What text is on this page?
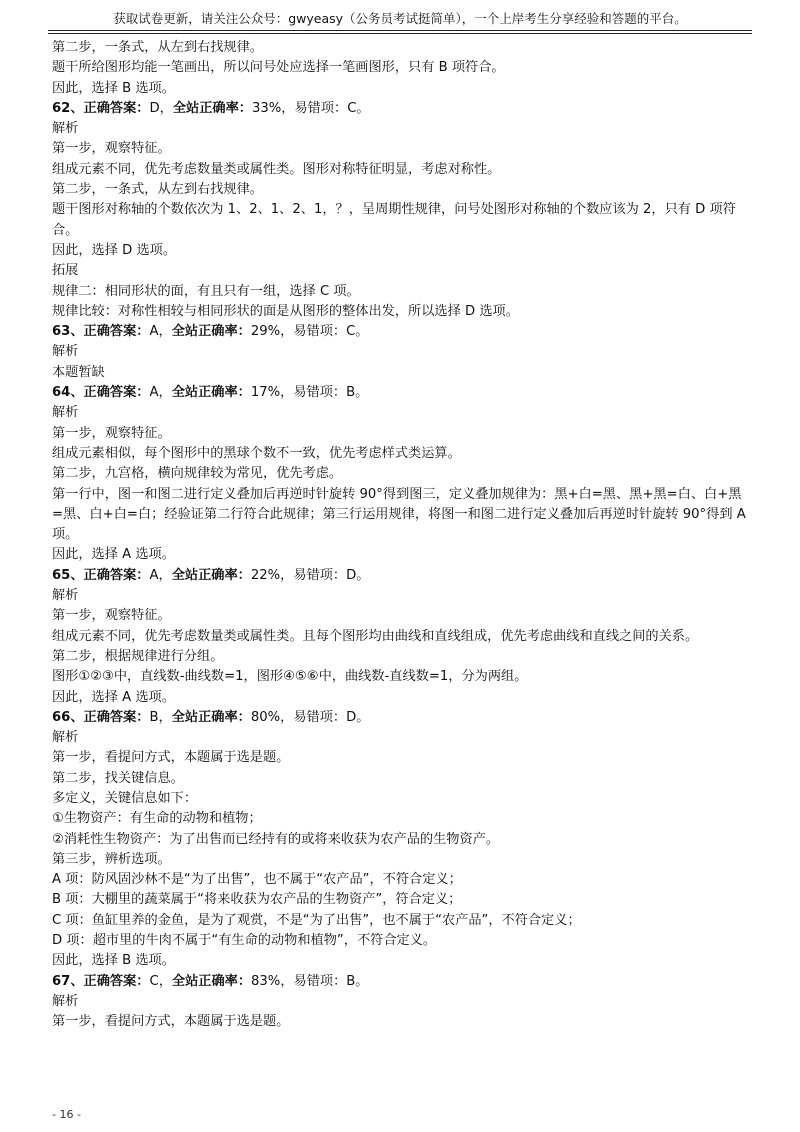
获取试卷更新，请关注公众号：gwyeasy（公务员考试挺简单），一个上岸考生分享经验和答题的平台。
第二步，一条式，从左到右找规律。
题干所给图形均能一笔画出，所以问号处应选择一笔画图形，只有 B 项符合。
因此，选择 B 选项。
62、正确答案：D，全站正确率：33%，易错项：C。
解析
第一步，观察特征。
组成元素不同，优先考虑数量类或属性类。图形对称特征明显，考虑对称性。
第二步，一条式，从左到右找规律。
题干图形对称轴的个数依次为 1、2、1、2、1，？，呈周期性规律，问号处图形对称轴的个数应该为 2，只有 D 项符合。
因此，选择 D 选项。
拓展
规律二：相同形状的面，有且只有一组，选择 C 项。
规律比较：对称性相较与相同形状的面是从图形的整体出发，所以选择 D 选项。
63、正确答案：A，全站正确率：29%，易错项：C。
解析
本题暂缺
64、正确答案：A，全站正确率：17%，易错项：B。
解析
第一步，观察特征。
组成元素相似，每个图形中的黑球个数不一致，优先考虑样式类运算。
第二步，九宫格，横向规律较为常见，优先考虑。
第一行中，图一和图二进行定义叠加后再逆时针旋转 90°得到图三，定义叠加规律为：黑+白=黑、黑+黑=白、白+黑=黑、白+白=白；经验证第二行符合此规律；第三行运用规律，将图一和图二进行定义叠加后再逆时针旋转 90°得到 A 项。
因此，选择 A 选项。
65、正确答案：A，全站正确率：22%，易错项：D。
解析
第一步，观察特征。
组成元素不同，优先考虑数量类或属性类。且每个图形均由曲线和直线组成，优先考虑曲线和直线之间的关系。
第二步，根据规律进行分组。
图形①②③中，直线数-曲线数=1，图形④⑤⑥中，曲线数-直线数=1，分为两组。
因此，选择 A 选项。
66、正确答案：B，全站正确率：80%，易错项：D。
解析
第一步，看提问方式，本题属于选是题。
第二步，找关键信息。
多定义，关键信息如下：
①生物资产：有生命的动物和植物；
②消耗性生物资产：为了出售而已经持有的或将来收获为农产品的生物资产。
第三步，辨析选项。
A 项：防风固沙林不是“为了出售”，也不属于“农产品”，不符合定义；
B 项：大棚里的蔬菜属于“将来收获为农产品的生物资产”，符合定义；
C 项：鱼缸里养的金鱼，是为了观赏，不是“为了出售”，也不属于“农产品”，不符合定义；
D 项：超市里的牛肉不属于“有生命的动物和植物”，不符合定义。
因此，选择 B 选项。
67、正确答案：C，全站正确率：83%，易错项：B。
解析
第一步，看提问方式，本题属于选是题。
- 16 -
